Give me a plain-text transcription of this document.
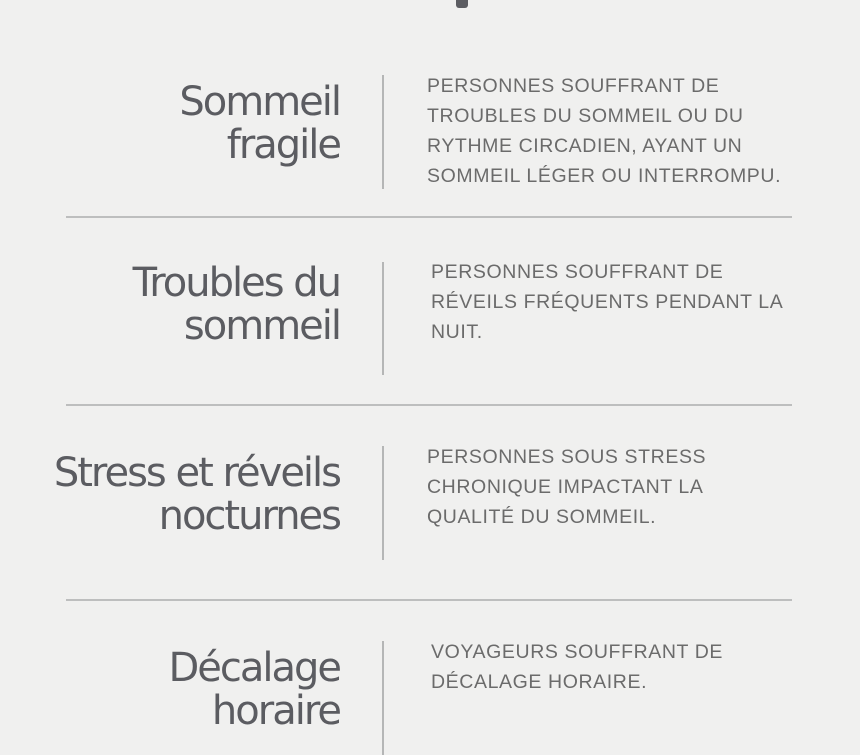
Sommeil
fragile

PERSONNES SOUFFRANT DE TROUBLES DU SOMMEIL OU DU RYTHME CIRCADIEN, AYANT UN SOMMEIL LÉGER OU INTERROMPU.

Troubles du
sommeil

PERSONNES SOUFFRANT DE RÉVEILS FRÉQUENTS PENDANT LA NUIT.

Stress et réveils
nocturnes

PERSONNES SOUS STRESS CHRONIQUE IMPACTANT LA QUALITÉ DU SOMMEIL.

Décalage
horaire

VOYAGEURS SOUFFRANT DE DÉCALAGE HORAIRE.
